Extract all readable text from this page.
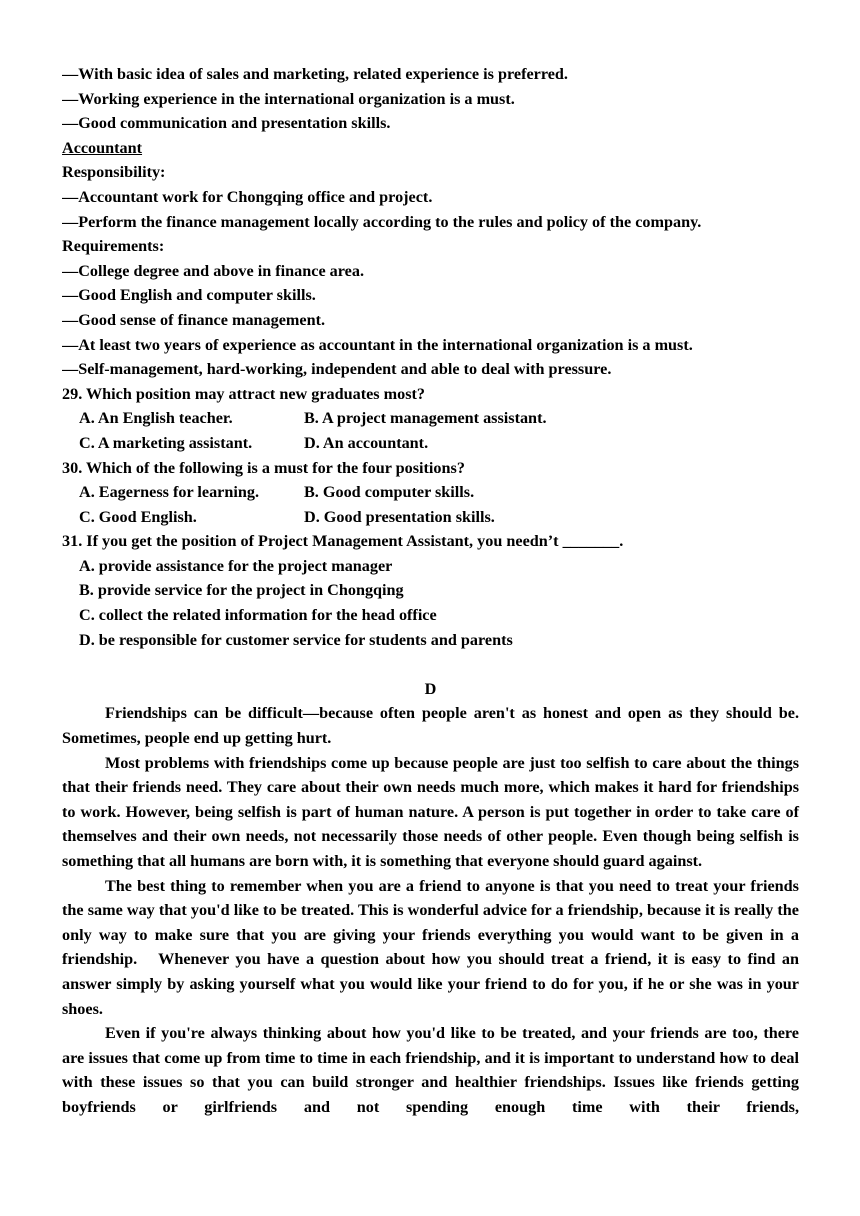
—With basic idea of sales and marketing, related experience is preferred.
—Working experience in the international organization is a must.
—Good communication and presentation skills.
Accountant
Responsibility:
—Accountant work for Chongqing office and project.
—Perform the finance management locally according to the rules and policy of the company.
Requirements:
—College degree and above in finance area.
—Good English and computer skills.
—Good sense of finance management.
—At least two years of experience as accountant in the international organization is a must.
—Self-management, hard-working, independent and able to deal with pressure.
29. Which position may attract new graduates most?
A. An English teacher.	B. A project management assistant.
C. A marketing assistant.	D. An accountant.
30. Which of the following is a must for the four positions?
A. Eagerness for learning.	B. Good computer skills.
C. Good English.	D. Good presentation skills.
31. If you get the position of Project Management Assistant, you needn’t _______.
A. provide assistance for the project manager
B. provide service for the project in Chongqing
C. collect the related information for the head office
D. be responsible for customer service for students and parents
D

Friendships can be difficult—because often people aren't as honest and open as they should be. Sometimes, people end up getting hurt.

Most problems with friendships come up because people are just too selfish to care about the things that their friends need. They care about their own needs much more, which makes it hard for friendships to work. However, being selfish is part of human nature. A person is put together in order to take care of themselves and their own needs, not necessarily those needs of other people. Even though being selfish is something that all humans are born with, it is something that everyone should guard against.

The best thing to remember when you are a friend to anyone is that you need to treat your friends the same way that you'd like to be treated. This is wonderful advice for a friendship, because it is really the only way to make sure that you are giving your friends everything you would want to be given in a friendship.　Whenever you have a question about how you should treat a friend, it is easy to find an answer simply by asking yourself what you would like your friend to do for you, if he or she was in your shoes.

Even if you're always thinking about how you'd like to be treated, and your friends are too, there are issues that come up from time to time in each friendship, and it is important to understand how to deal with these issues so that you can build stronger and healthier friendships. Issues like friends getting boyfriends or girlfriends and not spending enough time with their friends,
